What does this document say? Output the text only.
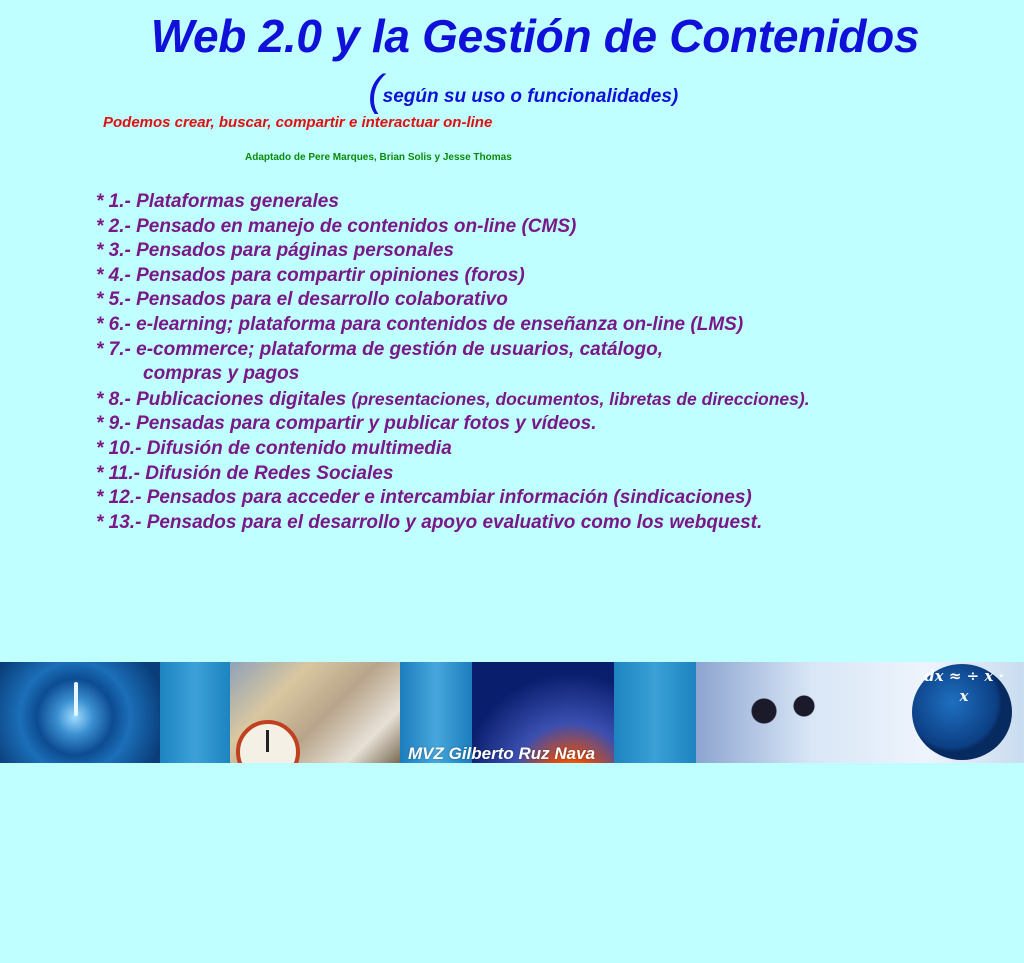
Web 2.0 y la Gestión de Contenidos
(según su uso o funcionalidades)
Podemos crear, buscar, compartir e interactuar on-line
Adaptado de Pere Marques, Brian Solis y Jesse Thomas
* 1.- Plataformas generales
* 2.- Pensado en manejo de contenidos on-line (CMS)
* 3.- Pensados para páginas personales
* 4.- Pensados para compartir opiniones (foros)
* 5.- Pensados para el desarrollo colaborativo
* 6.- e-learning; plataforma para contenidos de enseñanza on-line (LMS)
* 7.- e-commerce; plataforma de gestión de usuarios, catálogo,
compras y pagos
* 8.- Publicaciones digitales (presentaciones, documentos, libretas de direcciones).
* 9.- Pensadas para compartir y publicar fotos y vídeos.
* 10.- Difusión de contenido multimedia
* 11.- Difusión de Redes Sociales
* 12.- Pensados para acceder e intercambiar información (sindicaciones)
* 13.- Pensados para el desarrollo y apoyo evaluativo como los webquest.
dx ≈ ÷ x · x
MVZ Gilberto Ruz Nava
